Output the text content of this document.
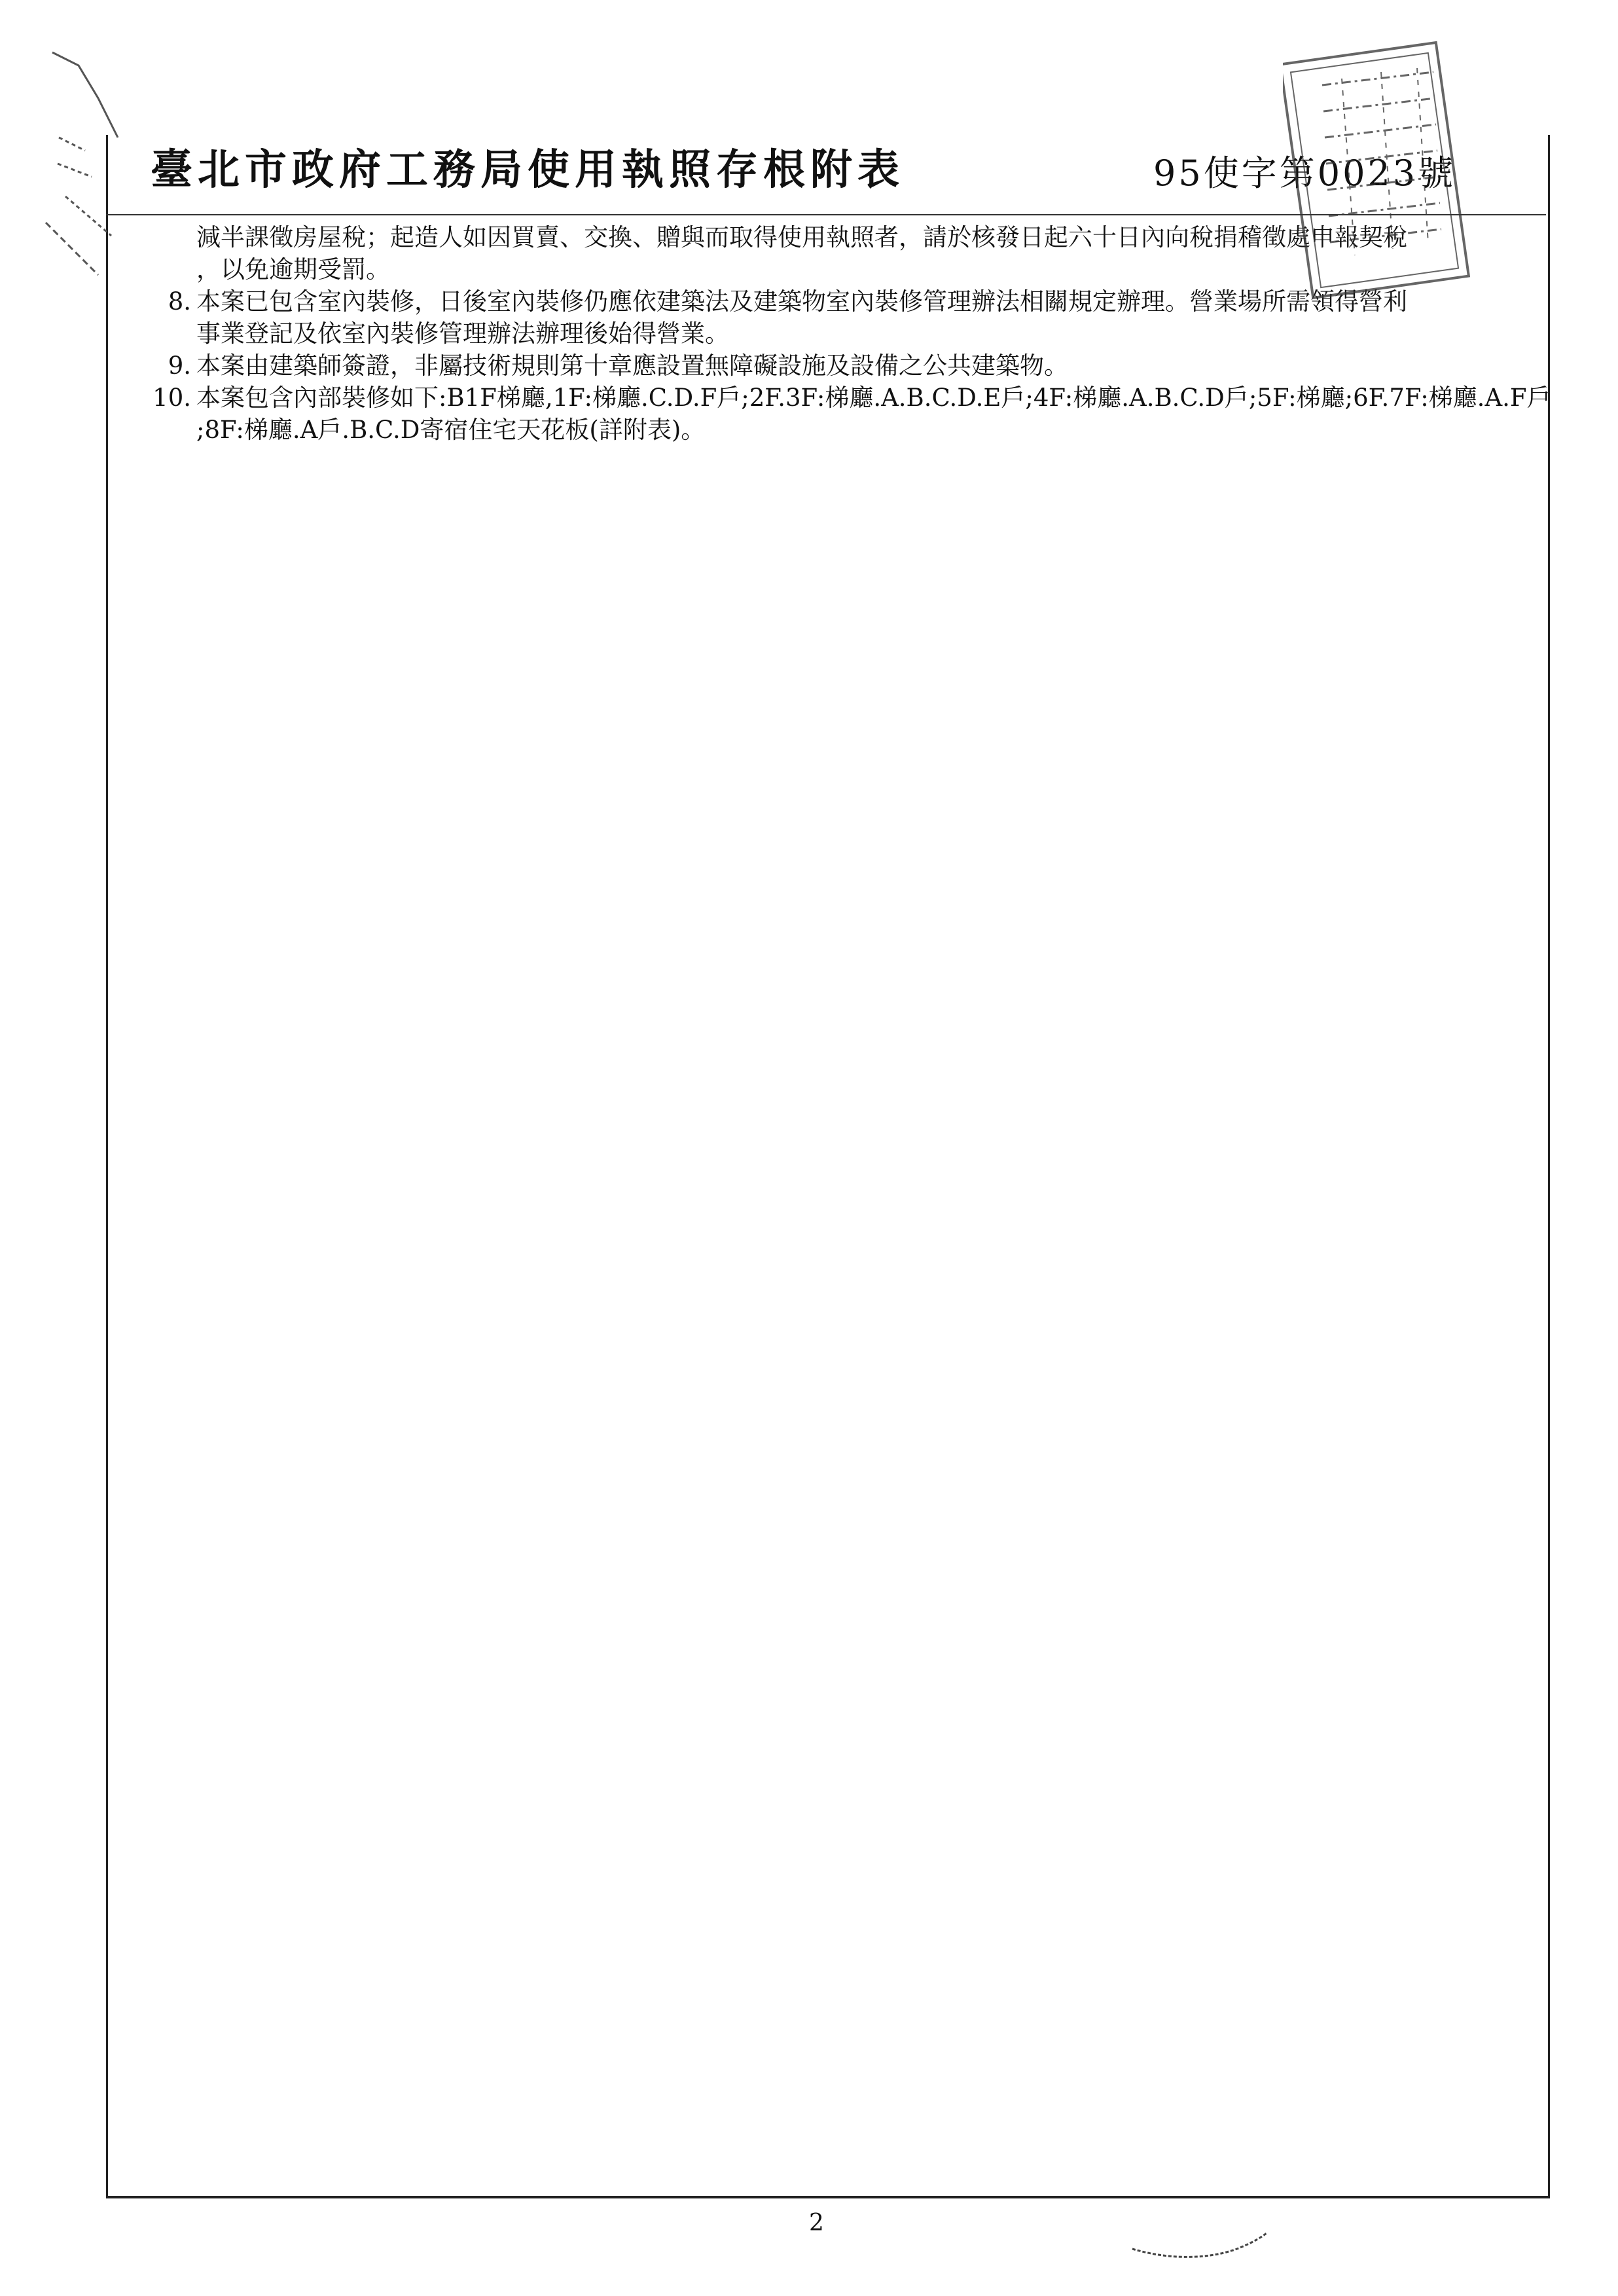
臺北市政府工務局使用執照存根附表	95使字第0023號
減半課徵房屋稅；起造人如因買賣、交換、贈與而取得使用執照者，請於核發日起六十日內向稅捐稽徵處申報契稅
，以免逾期受罰。
8. 本案已包含室內裝修，日後室內裝修仍應依建築法及建築物室內裝修管理辦法相關規定辦理。營業場所需領得營利
事業登記及依室內裝修管理辦法辦理後始得營業。
9. 本案由建築師簽證，非屬技術規則第十章應設置無障礙設施及設備之公共建築物。
10. 本案包含內部裝修如下:B1F梯廳,1F:梯廳.C.D.F戶;2F.3F:梯廳.A.B.C.D.E戶;4F:梯廳.A.B.C.D戶;5F:梯廳;6F.7F:梯廳.A.F戶
;8F:梯廳.A戶.B.C.D寄宿住宅天花板(詳附表)。
2
